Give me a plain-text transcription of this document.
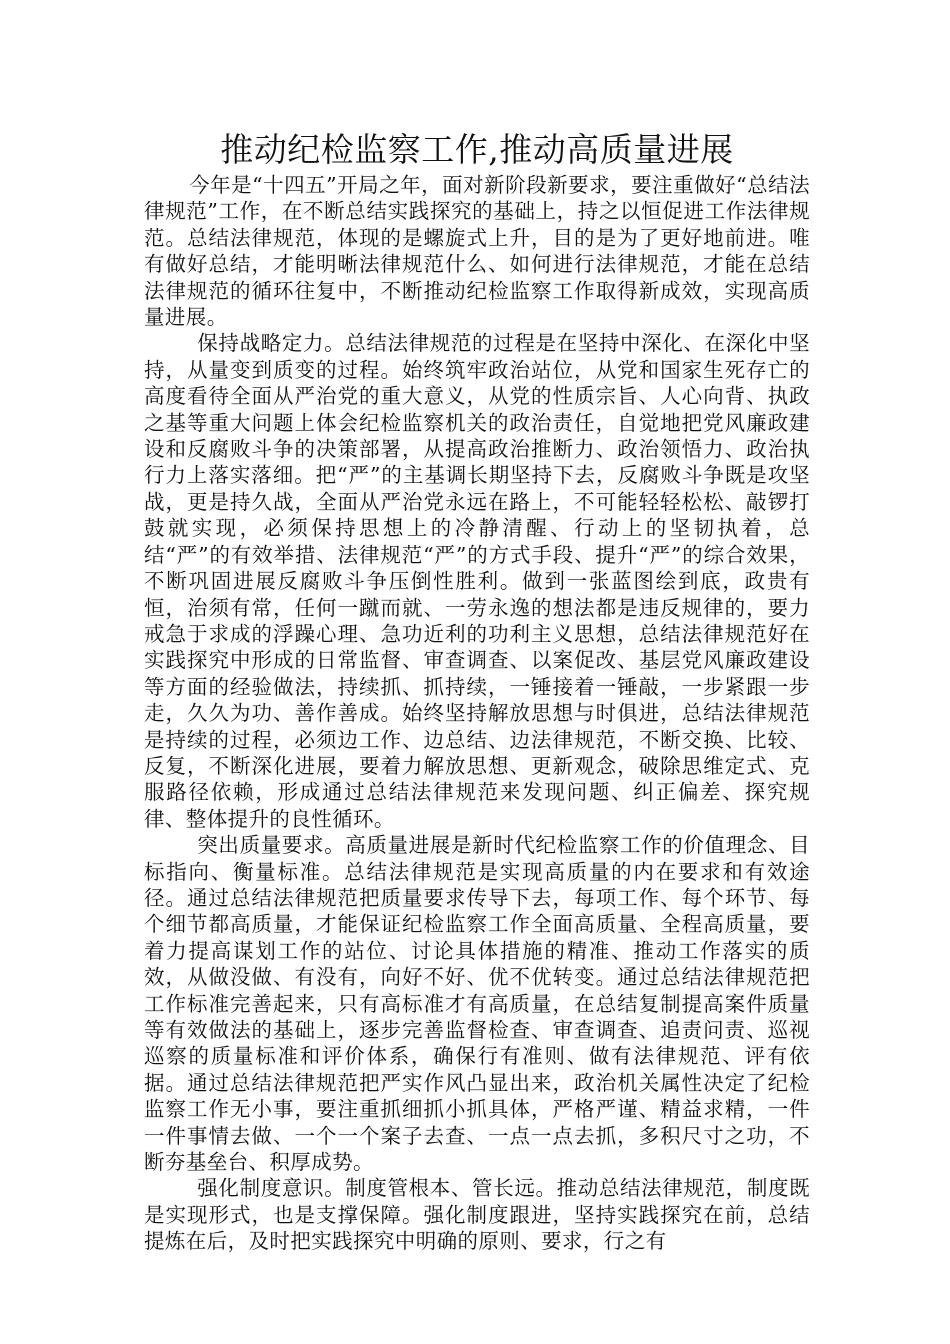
推动纪检监察工作,推动高质量进展

今年是“十四五”开局之年，面对新阶段新要求，要注重做好“总结法律规范”工作，在不断总结实践探究的基础上，持之以恒促进工作法律规范。总结法律规范，体现的是螺旋式上升，目的是为了更好地前进。唯有做好总结，才能明晰法律规范什么、如何进行法律规范，才能在总结法律规范的循环往复中，不断推动纪检监察工作取得新成效，实现高质量进展。

保持战略定力。总结法律规范的过程是在坚持中深化、在深化中坚持，从量变到质变的过程。始终筑牢政治站位，从党和国家生死存亡的高度看待全面从严治党的重大意义，从党的性质宗旨、人心向背、执政之基等重大问题上体会纪检监察机关的政治责任，自觉地把党风廉政建设和反腐败斗争的决策部署，从提高政治推断力、政治领悟力、政治执行力上落实落细。把“严”的主基调长期坚持下去，反腐败斗争既是攻坚战，更是持久战，全面从严治党永远在路上，不可能轻轻松松、敲锣打鼓就实现，必须保持思想上的冷静清醒、行动上的坚韧执着，总结“严”的有效举措、法律规范“严”的方式手段、提升“严”的综合效果，不断巩固进展反腐败斗争压倒性胜利。做到一张蓝图绘到底，政贵有恒，治须有常，任何一蹴而就、一劳永逸的想法都是违反规律的，要力戒急于求成的浮躁心理、急功近利的功利主义思想，总结法律规范好在实践探究中形成的日常监督、审查调查、以案促改、基层党风廉政建设等方面的经验做法，持续抓、抓持续，一锤接着一锤敲，一步紧跟一步走，久久为功、善作善成。始终坚持解放思想与时俱进，总结法律规范是持续的过程，必须边工作、边总结、边法律规范，不断交换、比较、反复，不断深化进展，要着力解放思想、更新观念，破除思维定式、克服路径依赖，形成通过总结法律规范来发现问题、纠正偏差、探究规律、整体提升的良性循环。

突出质量要求。高质量进展是新时代纪检监察工作的价值理念、目标指向、衡量标准。总结法律规范是实现高质量的内在要求和有效途径。通过总结法律规范把质量要求传导下去，每项工作、每个环节、每个细节都高质量，才能保证纪检监察工作全面高质量、全程高质量，要着力提高谋划工作的站位、讨论具体措施的精准、推动工作落实的质效，从做没做、有没有，向好不好、优不优转变。通过总结法律规范把工作标准完善起来，只有高标准才有高质量，在总结复制提高案件质量等有效做法的基础上，逐步完善监督检查、审查调查、追责问责、巡视巡察的质量标准和评价体系，确保行有准则、做有法律规范、评有依据。通过总结法律规范把严实作风凸显出来，政治机关属性决定了纪检监察工作无小事，要注重抓细抓小抓具体，严格严谨、精益求精，一件一件事情去做、一个一个案子去查、一点一点去抓，多积尺寸之功，不断夯基垒台、积厚成势。

强化制度意识。制度管根本、管长远。推动总结法律规范，制度既是实现形式，也是支撑保障。强化制度跟进，坚持实践探究在前，总结提炼在后，及时把实践探究中明确的原则、要求，行之有
